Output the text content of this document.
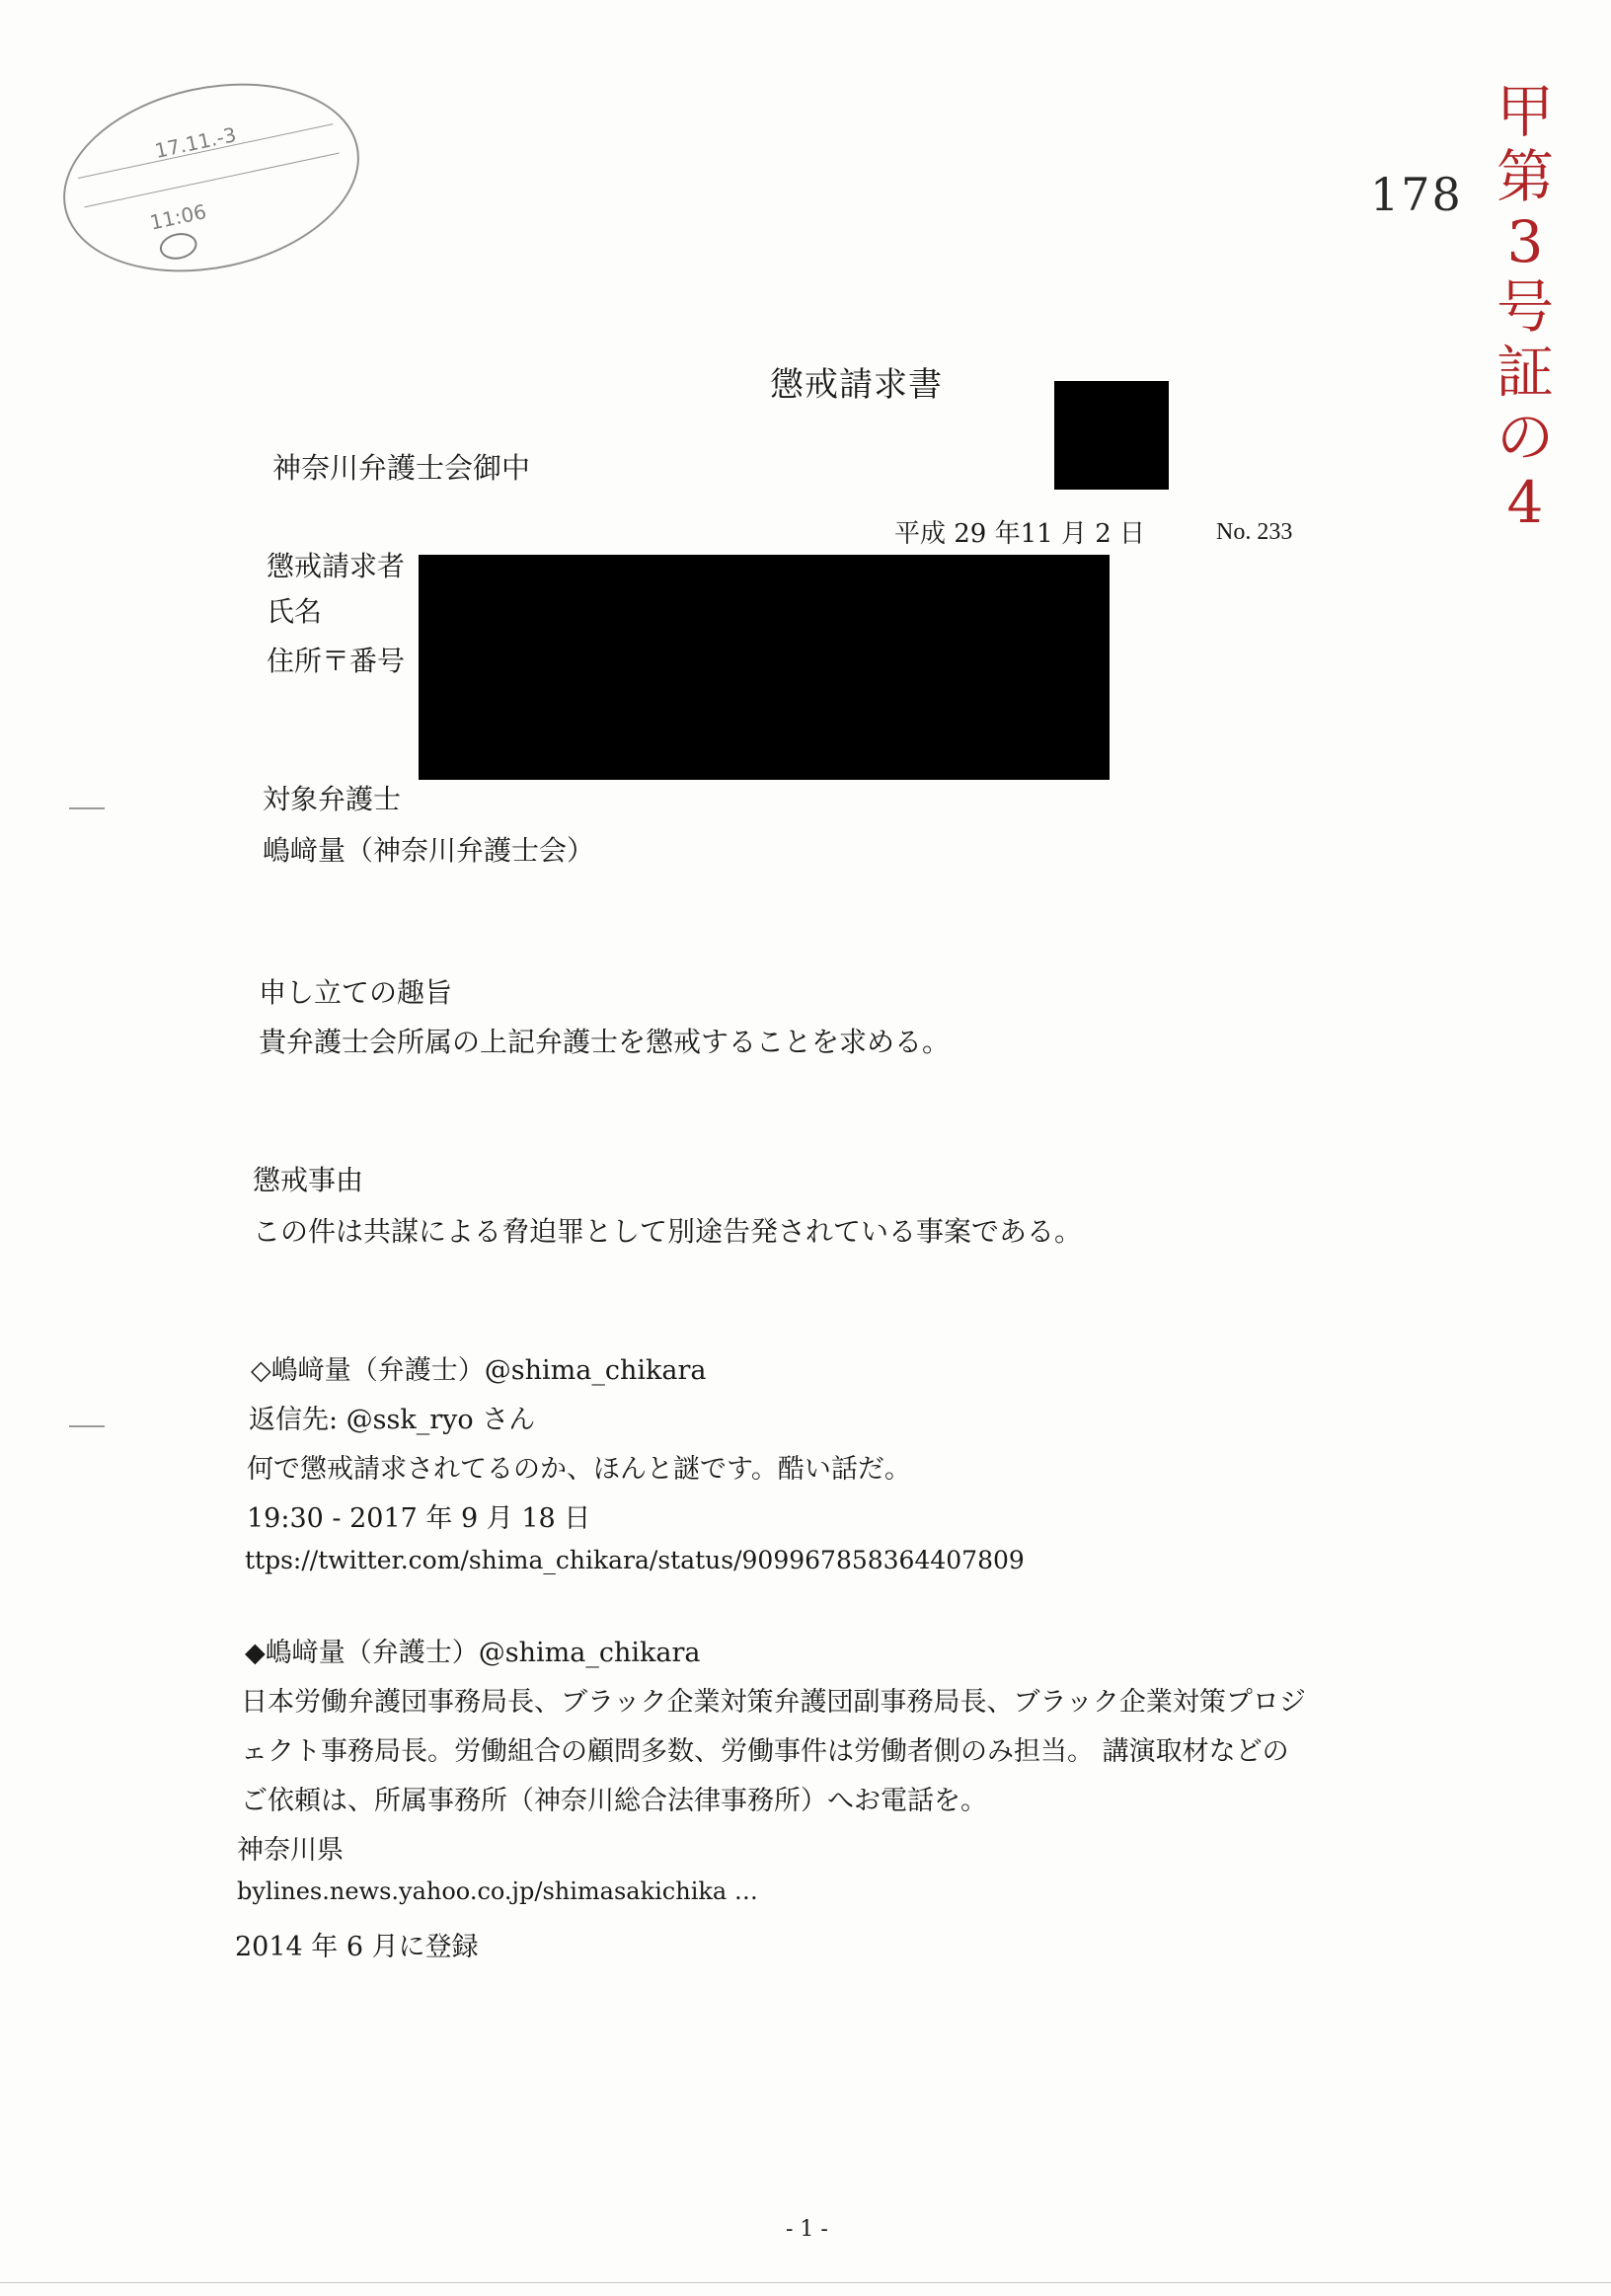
17.11.-3
11:06	178
甲
第
3
号
証
の
4
懲戒請求書
神奈川弁護士会御中
平成 29 年11 月 2 日	No. 233
懲戒請求者
氏名
住所〒番号
対象弁護士
嶋﨑量（神奈川弁護士会）
申し立ての趣旨
貴弁護士会所属の上記弁護士を懲戒することを求める。
懲戒事由
この件は共謀による脅迫罪として別途告発されている事案である。
◇嶋﨑量（弁護士）@shima_chikara
返信先: @ssk_ryo さん
何で懲戒請求されてるのか、ほんと謎です。酷い話だ。
19:30 - 2017 年 9 月 18 日
ttps://twitter.com/shima_chikara/status/909967858364407809
◆嶋﨑量（弁護士）@shima_chikara
日本労働弁護団事務局長、ブラック企業対策弁護団副事務局長、ブラック企業対策プロジ
ェクト事務局長。労働組合の顧問多数、労働事件は労働者側のみ担当。 講演取材などの
ご依頼は、所属事務所（神奈川総合法律事務所）へお電話を。
神奈川県
bylines.news.yahoo.co.jp/shimasakichika …
2014 年 6 月に登録
- 1 -
